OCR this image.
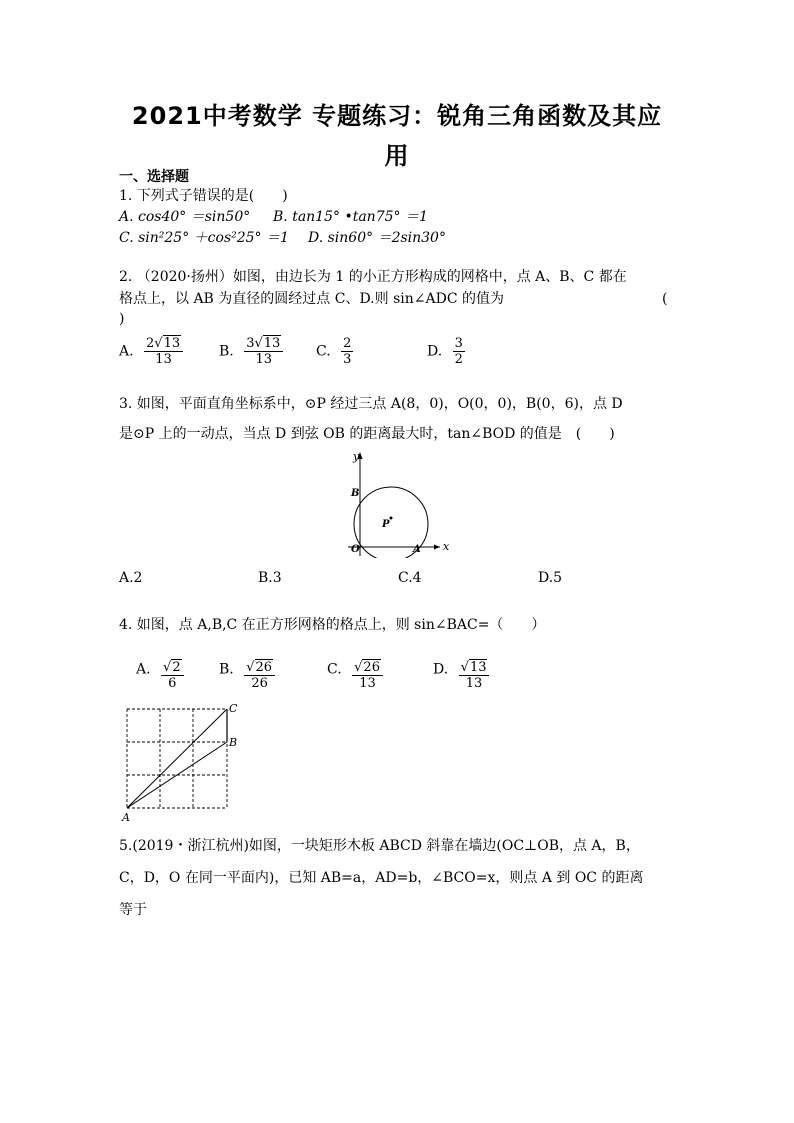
2021中考数学 专题练习：锐角三角函数及其应
用
一、选择题
1. 下列式子错误的是(　　)
A. cos40° ＝sin50° B. tan15° •tan75° ＝1
C. sin²25° ＋cos²25° ＝1 D. sin60° ＝2sin30°
2. （2020·扬州）如图，由边长为 1 的小正方形构成的网格中，点 A、B、C 都在
格点上，以 AB 为直径的圆经过点 C、D.则 sin∠ADC 的值为	(
)
A. $\frac{2√13}{13}$	B. $\frac{3√13}{13} C$. $\frac{2}{3}$	D. $\frac{3}{2}$
3. 如图，平面直角坐标系中，⊙P 经过三点 A(8，0)，O(0，0)，B(0，6)，点 D
是⊙P 上的一动点，当点 D 到弦 OB 的距离最大时，tan∠BOD 的值是　(　　)
y
x
B
P
O	A
A.2	B.3	C.4	D.5
4. 如图，点 A,B,C 在正方形网格的格点上，则 sin∠BAC=（　　）
A. $\frac{√2}{6}$	B. $\frac{√26}{26}$	C. $\frac{√26}{13}$	D. $\frac{√13}{13}$
A
B
C
5.(2019・浙江杭州)如图，一块矩形木板 ABCD 斜靠在墙边(OC⊥OB，点 A，B，
C，D，O 在同一平面内)，已知 AB=a，AD=b，∠BCO=x，则点 A 到 OC 的距离
等于
